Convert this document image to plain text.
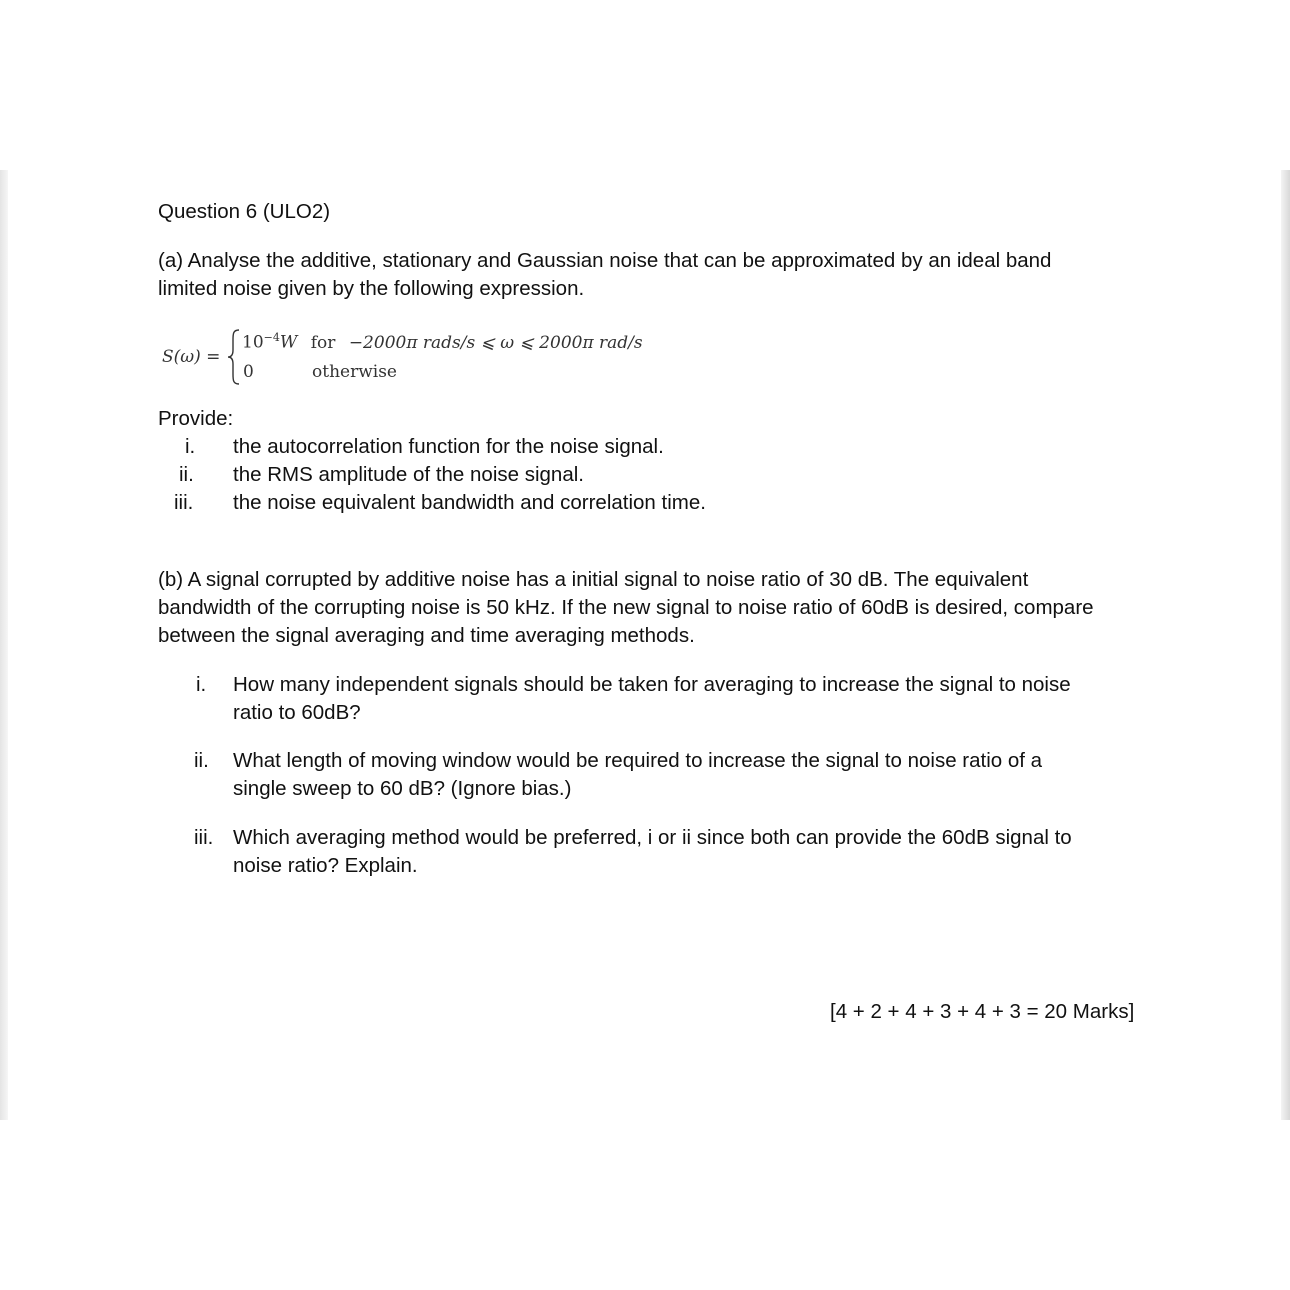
Question 6 (ULO2)
(a) Analyse the additive, stationary and Gaussian noise that can be approximated by an ideal band
limited noise given by the following expression.
S(ω) =
$10^{-4}W$ for −2000π rads/s ⩽ ω ⩽ 2000π rad/s
0	otherwise
Provide:
i. the autocorrelation function for the noise signal.
ii. the RMS amplitude of the noise signal.
iii. the noise equivalent bandwidth and correlation time.
(b) A signal corrupted by additive noise has a initial signal to noise ratio of 30 dB. The equivalent
bandwidth of the corrupting noise is 50 kHz. If the new signal to noise ratio of 60dB is desired, compare
between the signal averaging and time averaging methods.
i. How many independent signals should be taken for averaging to increase the signal to noise
ratio to 60dB?
ii. What length of moving window would be required to increase the signal to noise ratio of a
single sweep to 60 dB? (Ignore bias.)
iii. Which averaging method would be preferred, i or ii since both can provide the 60dB signal to
noise ratio? Explain.
[4 + 2 + 4 + 3 + 4 + 3 = 20 Marks]
